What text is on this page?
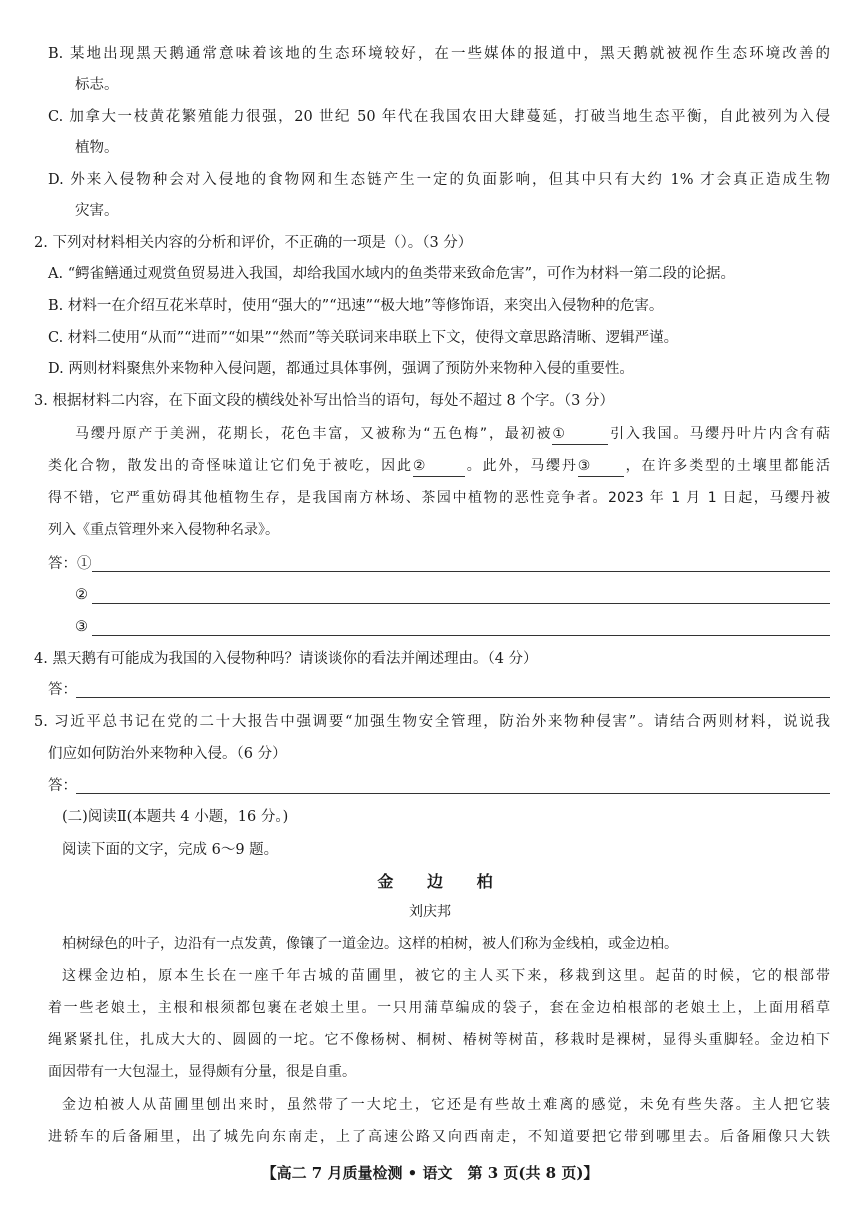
B. 某地出现黑天鹅通常意味着该地的生态环境较好，在一些媒体的报道中，黑天鹅就被视作生态环境改善的
标志。
C. 加拿大一枝黄花繁殖能力很强，20 世纪 50 年代在我国农田大肆蔓延，打破当地生态平衡，自此被列为入侵
植物。
D. 外来入侵物种会对入侵地的食物网和生态链产生一定的负面影响，但其中只有大约 1% 才会真正造成生物
灾害。
2. 下列对材料相关内容的分析和评价，不正确的一项是（）。（3 分）
A. “鳄雀鳝通过观赏鱼贸易进入我国，却给我国水域内的鱼类带来致命危害”，可作为材料一第二段的论据。
B. 材料一在介绍互花米草时，使用“强大的”“迅速”“极大地”等修饰语，来突出入侵物种的危害。
C. 材料二使用“从而”“进而”“如果”“然而”等关联词来串联上下文，使得文章思路清晰、逻辑严谨。
D. 两则材料聚焦外来物种入侵问题，都通过具体事例，强调了预防外来物种入侵的重要性。
3. 根据材料二内容，在下面文段的横线处补写出恰当的语句，每处不超过 8 个字。（3 分）
马缨丹原产于美洲，花期长，花色丰富，又被称为“五色梅”，最初被①	引入我国。马缨丹叶片内含有萜
类化合物，散发出的奇怪味道让它们免于被吃，因此②	。此外，马缨丹③ ，在许多类型的土壤里都能活
得不错，它严重妨碍其他植物生存，是我国南方林场、茶园中植物的恶性竞争者。2023 年 1 月 1 日起，马缨丹被
列入《重点管理外来入侵物种名录》。
答：①
②
③
4. 黑天鹅有可能成为我国的入侵物种吗？请谈谈你的看法并阐述理由。（4 分）
答：
5. 习近平总书记在党的二十大报告中强调要“加强生物安全管理，防治外来物种侵害”。请结合两则材料，说说我
们应如何防治外来物种入侵。（6 分）
答：
(二)阅读Ⅱ(本题共 4 小题，16 分。)
阅读下面的文字，完成 6～9 题。
金 边 柏
刘庆邦
柏树绿色的叶子，边沿有一点发黄，像镶了一道金边。这样的柏树，被人们称为金线柏，或金边柏。
这棵金边柏，原本生长在一座千年古城的苗圃里，被它的主人买下来，移栽到这里。起苗的时候，它的根部带
着一些老娘土，主根和根须都包裹在老娘土里。一只用蒲草编成的袋子，套在金边柏根部的老娘土上，上面用稻草
绳紧紧扎住，扎成大大的、圆圆的一坨。它不像杨树、桐树、椿树等树苗，移栽时是裸树，显得头重脚轻。金边柏下
面因带有一大包湿土，显得颇有分量，很是自重。
金边柏被人从苗圃里刨出来时，虽然带了一大坨土，它还是有些故土难离的感觉，未免有些失落。主人把它装
进轿车的后备厢里，出了城先向东南走，上了高速公路又向西南走，不知道要把它带到哪里去。后备厢像只大铁
【高二 7 月质量检测 • 语文　第 3 页(共 8 页)】
